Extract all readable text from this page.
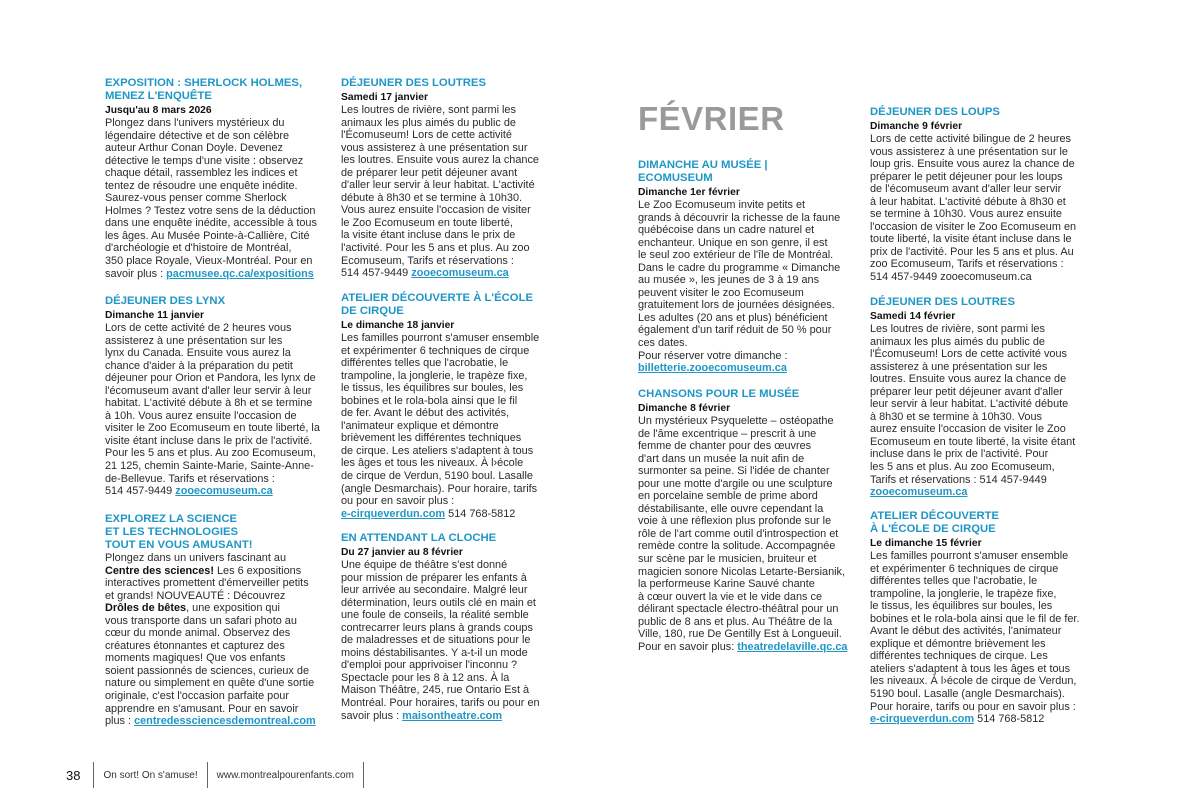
EXPOSITION : SHERLOCK HOLMES,
MENEZ L'ENQUÊTE
Jusqu'au 8 mars 2026
Plongez dans l'univers mystérieux du
légendaire détective et de son célèbre
auteur Arthur Conan Doyle. Devenez
détective le temps d'une visite : observez
chaque détail, rassemblez les indices et
tentez de résoudre une enquête inédite.
Saurez-vous penser comme Sherlock
Holmes ? Testez votre sens de la déduction
dans une enquête inédite, accessible à tous
les âges. Au Musée Pointe-à-Callière, Cité
d'archéologie et d'histoire de Montréal,
350 place Royale, Vieux-Montréal. Pour en
savoir plus : pacmusee.qc.ca/expositions
DÉJEUNER DES LYNX
Dimanche 11 janvier
Lors de cette activité de 2 heures vous
assisterez à une présentation sur les
lynx du Canada. Ensuite vous aurez la
chance d'aider à la préparation du petit
déjeuner pour Orion et Pandora, les lynx de
l'écomuseum avant d'aller leur servir à leur
habitat. L'activité débute à 8h et se termine
à 10h. Vous aurez ensuite l'occasion de
visiter le Zoo Ecomuseum en toute liberté, la
visite étant incluse dans le prix de l'activité.
Pour les 5 ans et plus. Au zoo Ecomuseum,
21 125, chemin Sainte-Marie, Sainte-Anne-
de-Bellevue. Tarifs et réservations :
514 457-9449 zooecomuseum.ca
EXPLOREZ LA SCIENCE
ET LES TECHNOLOGIES
TOUT EN VOUS AMUSANT!
Plongez dans un univers fascinant au
Centre des sciences! Les 6 expositions
interactives promettent d'émerveiller petits
et grands! NOUVEAUTÉ : Découvrez
Drôles de bêtes, une exposition qui
vous transporte dans un safari photo au
cœur du monde animal. Observez des
créatures étonnantes et capturez des
moments magiques! Que vos enfants
soient passionnés de sciences, curieux de
nature ou simplement en quête d'une sortie
originale, c'est l'occasion parfaite pour
apprendre en s'amusant. Pour en savoir
plus : centredessciencesdemontreal.com
DÉJEUNER DES LOUTRES
Samedi 17 janvier
Les loutres de rivière, sont parmi les
animaux les plus aimés du public de
l'Écomuseum! Lors de cette activité
vous assisterez à une présentation sur
les loutres. Ensuite vous aurez la chance
de préparer leur petit déjeuner avant
d'aller leur servir à leur habitat. L'activité
débute à 8h30 et se termine à 10h30.
Vous aurez ensuite l'occasion de visiter
le Zoo Ecomuseum en toute liberté,
la visite étant incluse dans le prix de
l'activité. Pour les 5 ans et plus. Au zoo
Ecomuseum, Tarifs et réservations :
514 457-9449 zooecomuseum.ca
ATELIER DÉCOUVERTE À L'ÉCOLE
DE CIRQUE
Le dimanche 18 janvier
Les familles pourront s'amuser ensemble
et expérimenter 6 techniques de cirque
différentes telles que l'acrobatie, le
trampoline, la jonglerie, le trapèze fixe,
le tissus, les équilibres sur boules, les
bobines et le rola-bola ainsi que le fil
de fer. Avant le début des activités,
l'animateur explique et démontre
brièvement les différentes techniques
de cirque. Les ateliers s'adaptent à tous
les âges et tous les niveaux. À l›école
de cirque de Verdun, 5190 boul. Lasalle
(angle Desmarchais). Pour horaire, tarifs
ou pour en savoir plus :
e-cirqueverdun.com 514 768-5812
EN ATTENDANT LA CLOCHE
Du 27 janvier au 8 février
Une équipe de théâtre s'est donné
pour mission de préparer les enfants à
leur arrivée au secondaire. Malgré leur
détermination, leurs outils clé en main et
une foule de conseils, la réalité semble
contrecarrer leurs plans à grands coups
de maladresses et de situations pour le
moins déstabilisantes. Y a-t-il un mode
d'emploi pour apprivoiser l'inconnu ?
Spectacle pour les 8 à 12 ans. À la
Maison Théâtre, 245, rue Ontario Est à
Montréal. Pour horaires, tarifs ou pour en
savoir plus : maisontheatre.com
FÉVRIER
DIMANCHE AU MUSÉE |
ECOMUSEUM
Dimanche 1er février
Le Zoo Ecomuseum invite petits et
grands à découvrir la richesse de la faune
québécoise dans un cadre naturel et
enchanteur. Unique en son genre, il est
le seul zoo extérieur de l'île de Montréal.
Dans le cadre du programme « Dimanche
au musée », les jeunes de 3 à 19 ans
peuvent visiter le zoo Ecomuseum
gratuitement lors de journées désignées.
Les adultes (20 ans et plus) bénéficient
également d'un tarif réduit de 50 % pour
ces dates.
Pour réserver votre dimanche :
billetterie.zooecomuseum.ca
CHANSONS POUR LE MUSÉE
Dimanche 8 février
Un mystérieux Psyquelette – ostéopathe
de l'âme excentrique – prescrit à une
femme de chanter pour des œuvres
d'art dans un musée la nuit afin de
surmonter sa peine. Si l'idée de chanter
pour une motte d'argile ou une sculpture
en porcelaine semble de prime abord
déstabilisante, elle ouvre cependant la
voie à une réflexion plus profonde sur le
rôle de l'art comme outil d'introspection et
remède contre la solitude. Accompagnée
sur scène par le musicien, bruiteur et
magicien sonore Nicolas Letarte-Bersianik,
la performeuse Karine Sauvé chante
à cœur ouvert la vie et le vide dans ce
délirant spectacle électro-théâtral pour un
public de 8 ans et plus. Au Théâtre de la
Ville, 180, rue De Gentilly Est à Longueuil.
Pour en savoir plus: theatredelaville.qc.ca
DÉJEUNER DES LOUPS
Dimanche 9 février
Lors de cette activité bilingue de 2 heures
vous assisterez à une présentation sur le
loup gris. Ensuite vous aurez la chance de
préparer le petit déjeuner pour les loups
de l'écomuseum avant d'aller leur servir
à leur habitat. L'activité débute à 8h30 et
se termine à 10h30. Vous aurez ensuite
l'occasion de visiter le Zoo Ecomuseum en
toute liberté, la visite étant incluse dans le
prix de l'activité. Pour les 5 ans et plus. Au
zoo Ecomuseum, Tarifs et réservations :
514 457-9449 zooecomuseum.ca
DÉJEUNER DES LOUTRES
Samedi 14 février
Les loutres de rivière, sont parmi les
animaux les plus aimés du public de
l'Écomuseum! Lors de cette activité vous
assisterez à une présentation sur les
loutres. Ensuite vous aurez la chance de
préparer leur petit déjeuner avant d'aller
leur servir à leur habitat. L'activité débute
à 8h30 et se termine à 10h30. Vous
aurez ensuite l'occasion de visiter le Zoo
Ecomuseum en toute liberté, la visite étant
incluse dans le prix de l'activité. Pour
les 5 ans et plus. Au zoo Ecomuseum,
Tarifs et réservations : 514 457-9449
zooecomuseum.ca
ATELIER DÉCOUVERTE
À L'ÉCOLE DE CIRQUE
Le dimanche 15 février
Les familles pourront s'amuser ensemble
et expérimenter 6 techniques de cirque
différentes telles que l'acrobatie, le
trampoline, la jonglerie, le trapèze fixe,
le tissus, les équilibres sur boules, les
bobines et le rola-bola ainsi que le fil de fer.
Avant le début des activités, l'animateur
explique et démontre brièvement les
différentes techniques de cirque. Les
ateliers s'adaptent à tous les âges et tous
les niveaux. À l›école de cirque de Verdun,
5190 boul. Lasalle (angle Desmarchais).
Pour horaire, tarifs ou pour en savoir plus :
e-cirqueverdun.com 514 768-5812
38 On sort! On s'amuse! www.montrealpourenfants.com
